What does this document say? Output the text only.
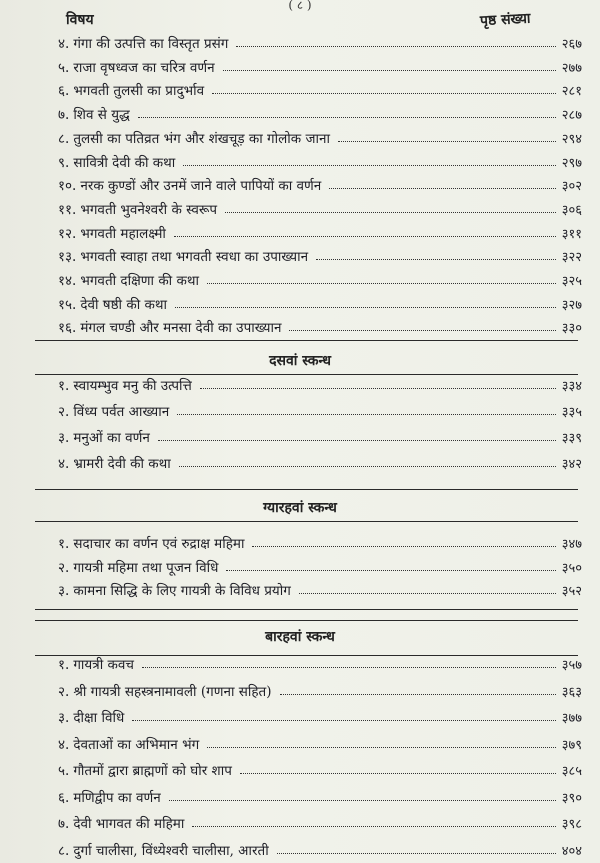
( ८ )
विषय	पृष्ठ संख्या
४. गंगा की उत्पत्ति का विस्तृत प्रसंग	२६७
५. राजा वृषध्वज का चरित्र वर्णन	२७७
६. भगवती तुलसी का प्रादुर्भाव	२८१
७. शिव से युद्ध	२८७
८. तुलसी का पतिव्रत भंग और शंखचूड़ का गोलोक जाना	२९४
९. सावित्री देवी की कथा	२९७
१०. नरक कुण्डों और उनमें जाने वाले पापियों का वर्णन	३०२
११. भगवती भुवनेश्वरी के स्वरूप	३०६
१२. भगवती महालक्ष्मी	३११
१३. भगवती स्वाहा तथा भगवती स्वधा का उपाख्यान	३२२
१४. भगवती दक्षिणा की कथा	३२५
१५. देवी षष्ठी की कथा	३२७
१६. मंगल चण्डी और मनसा देवी का उपाख्यान	३३०
दसवां स्कन्ध
१. स्वायम्भुव मनु की उत्पत्ति	३३४
२. विंध्य पर्वत आख्यान	३३५
३. मनुओं का वर्णन	३३९
४. भ्रामरी देवी की कथा	३४२
ग्यारहवां स्कन्ध
१. सदाचार का वर्णन एवं रुद्राक्ष महिमा	३४७
२. गायत्री महिमा तथा पूजन विधि	३५०
३. कामना सिद्धि के लिए गायत्री के विविध प्रयोग	३५२
बारहवां स्कन्ध
१. गायत्री कवच	३५७
२. श्री गायत्री सहस्त्रनामावली (गणना सहित)	३६३
३. दीक्षा विधि	३७७
४. देवताओं का अभिमान भंग	३७९
५. गौतमों द्वारा ब्राह्मणों को घोर शाप	३८५
६. मणिद्वीप का वर्णन	३९०
७. देवी भागवत की महिमा	३९८
८. दुर्गा चालीसा, विंध्येश्वरी चालीसा, आरती	४०४
